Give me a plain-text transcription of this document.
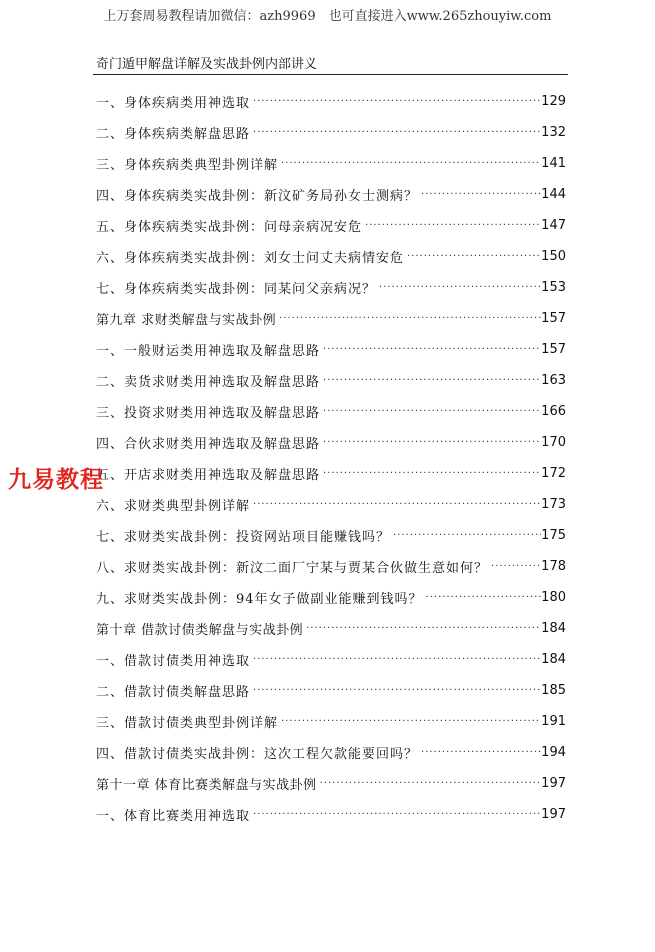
上万套周易教程请加微信：azh9969　也可直接进入www.265zhouyiw.com
奇门遁甲解盘详解及实战卦例内部讲义
一、身体疾病类用神选取 ·····	129
二、身体疾病类解盘思路 ·····	132
三、身体疾病类典型卦例详解 ·····	141
四、身体疾病类实战卦例：新汶矿务局孙女士测病？ ·····	144
五、身体疾病类实战卦例：问母亲病况安危 ·····	147
六、身体疾病类实战卦例：刘女士问丈夫病情安危 ·····	150
七、身体疾病类实战卦例：同某问父亲病况？ ·····	153
第九章 求财类解盘与实战卦例 ·····	157
一、一般财运类用神选取及解盘思路 ·····	157
二、卖货求财类用神选取及解盘思路 ·····	163
三、投资求财类用神选取及解盘思路 ·····	166
四、合伙求财类用神选取及解盘思路 ·····	170
五、开店求财类用神选取及解盘思路 ·····	172
六、求财类典型卦例详解 ·····	173
七、求财类实战卦例：投资网站项目能赚钱吗？ ·····	175
八、求财类实战卦例：新汶二面厂宁某与贾某合伙做生意如何？ ·····	178
九、求财类实战卦例：94年女子做副业能赚到钱吗？ ·····	180
第十章 借款讨债类解盘与实战卦例 ·····	184
一、借款讨债类用神选取 ·····	184
二、借款讨债类解盘思路 ·····	185
三、借款讨债类典型卦例详解 ·····	191
四、借款讨债类实战卦例：这次工程欠款能要回吗？ ·····	194
第十一章 体育比赛类解盘与实战卦例 ·····	197
一、体育比赛类用神选取 ·····	197
九易教程
